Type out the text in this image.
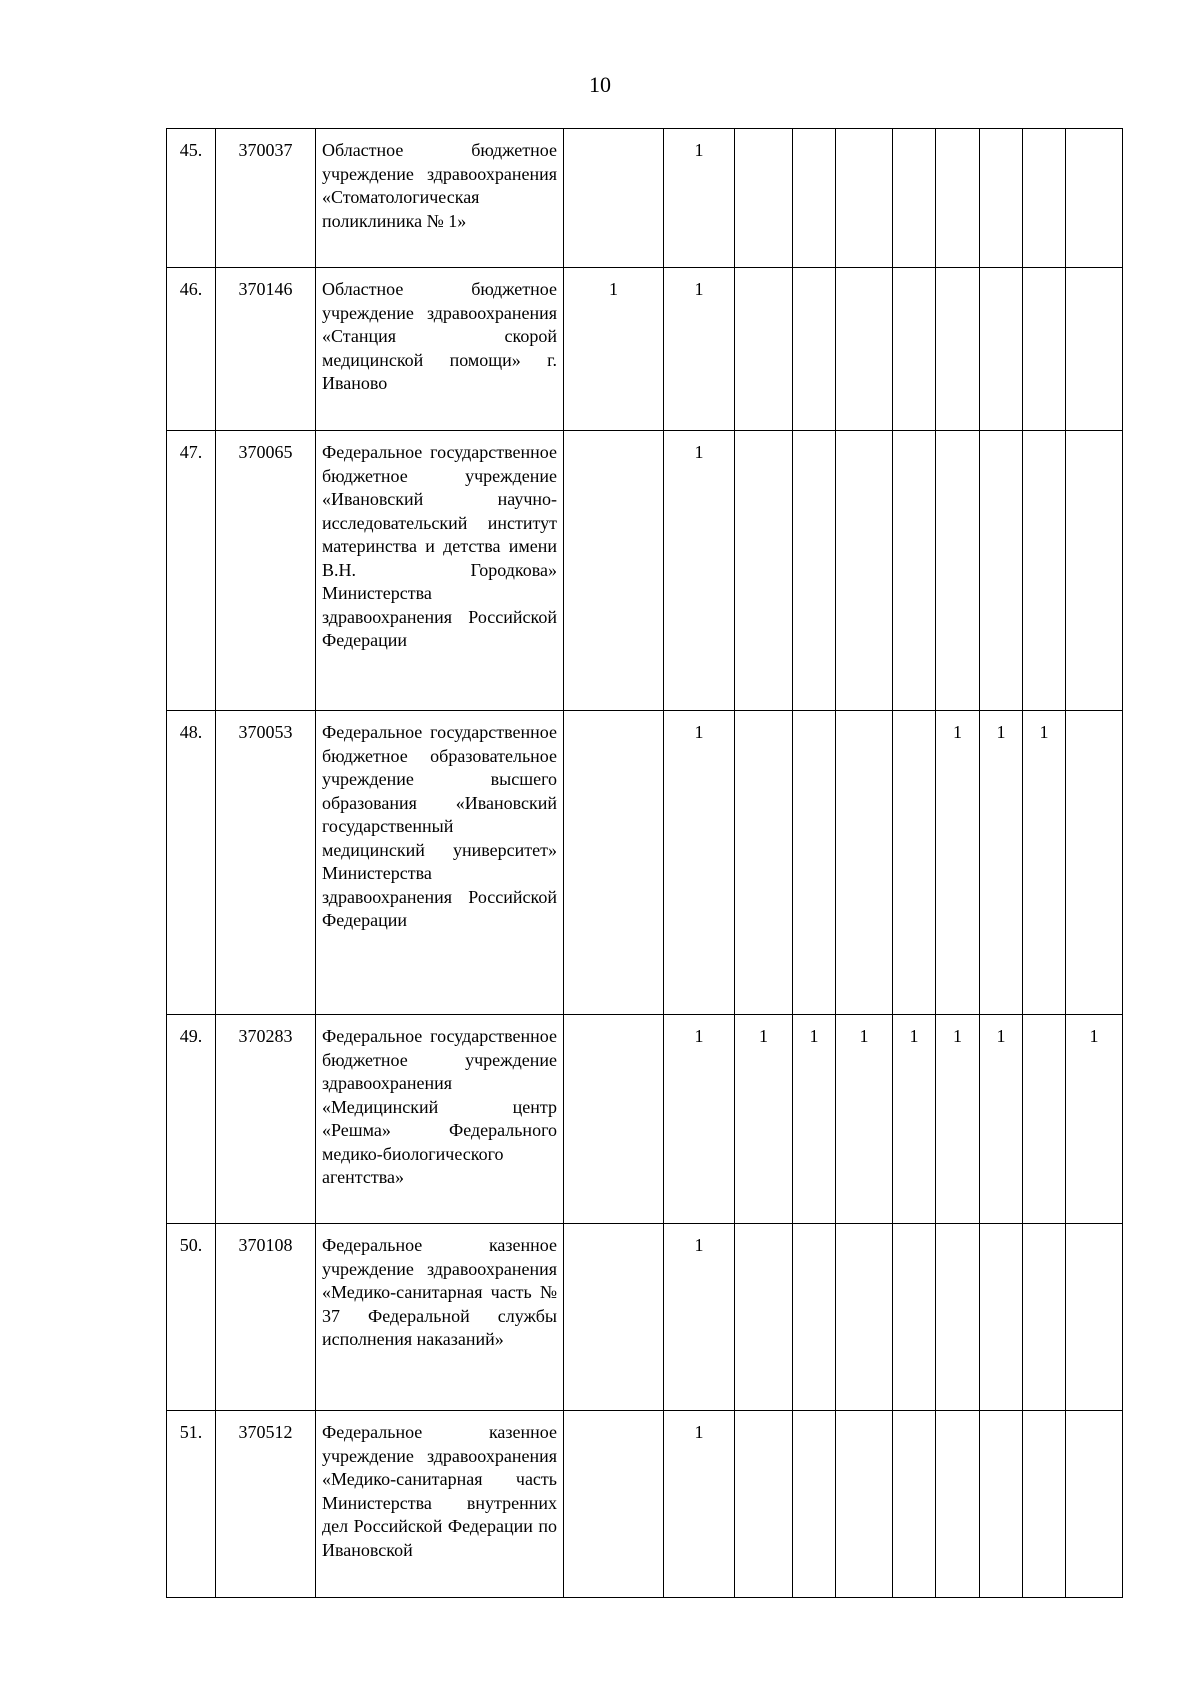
10
45.	370037	Областное бюджетное учреждение здравоохранения «Стоматологическая поликлиника № 1»		1								
46.	370146	Областное бюджетное учреждение здравоохранения «Станция скорой медицинской помощи» г. Иваново	1	1								
47.	370065	Федеральное государственное бюджетное учреждение «Ивановский научно-исследовательский институт материнства и детства имени В.Н. Городкова» Министерства здравоохранения Российской Федерации		1								
48.	370053	Федеральное государственное бюджетное образовательное учреждение высшего образования «Ивановский государственный медицинский университет» Министерства здравоохранения Российской Федерации		1					1	1	1	
49.	370283	Федеральное государственное бюджетное учреждение здравоохранения «Медицинский центр «Решма» Федерального медико-биологического агентства»		1	1	1	1	1	1	1		1
50.	370108	Федеральное казенное учреждение здравоохранения «Медико-санитарная часть № 37 Федеральной службы исполнения наказаний»		1								
51.	370512	Федеральное казенное учреждение здравоохранения «Медико-санитарная часть Министерства внутренних дел Российской Федерации по Ивановской		1								
